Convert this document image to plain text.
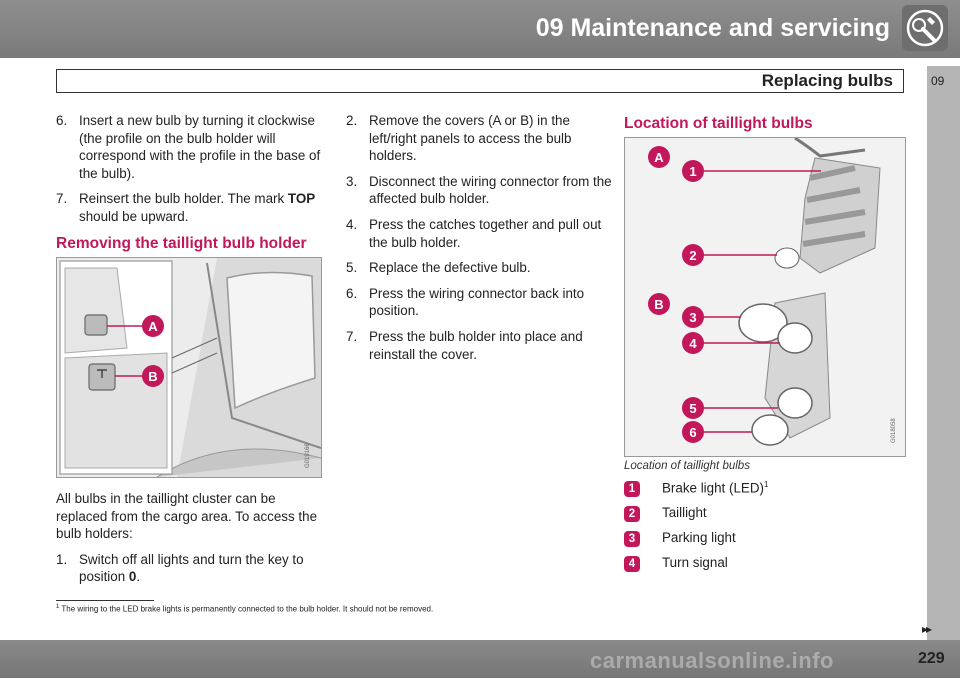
09 Maintenance and servicing
Replacing bulbs	09
6. Insert a new bulb by turning it clockwise (the profile on the bulb holder will correspond with the profile in the base of the bulb).
7. Reinsert the bulb holder. The mark TOP should be upward.
Removing the taillight bulb holder
A
B
G019166

All bulbs in the taillight cluster can be replaced from the cargo area. To access the bulb holders:

1. Switch off all lights and turn the key to position 0.
2. Remove the covers (A or B) in the left/right panels to access the bulb holders.
3. Disconnect the wiring connector from the affected bulb holder.
4. Press the catches together and pull out the bulb holder.
5. Replace the defective bulb.
6. Press the wiring connector back into position.
7. Press the bulb holder into place and reinstall the cover.
Location of taillight bulbs
A
B
1
2
3
4
5
6	G018058
Location of taillight bulbs
1	Brake light (LED)$^1$
2	Taillight
3	Parking light
4	Turn signal
$^1$ The wiring to the LED brake lights is permanently connected to the bulb holder. It should not be removed.
▸▸
carmanualsonline.info	229
